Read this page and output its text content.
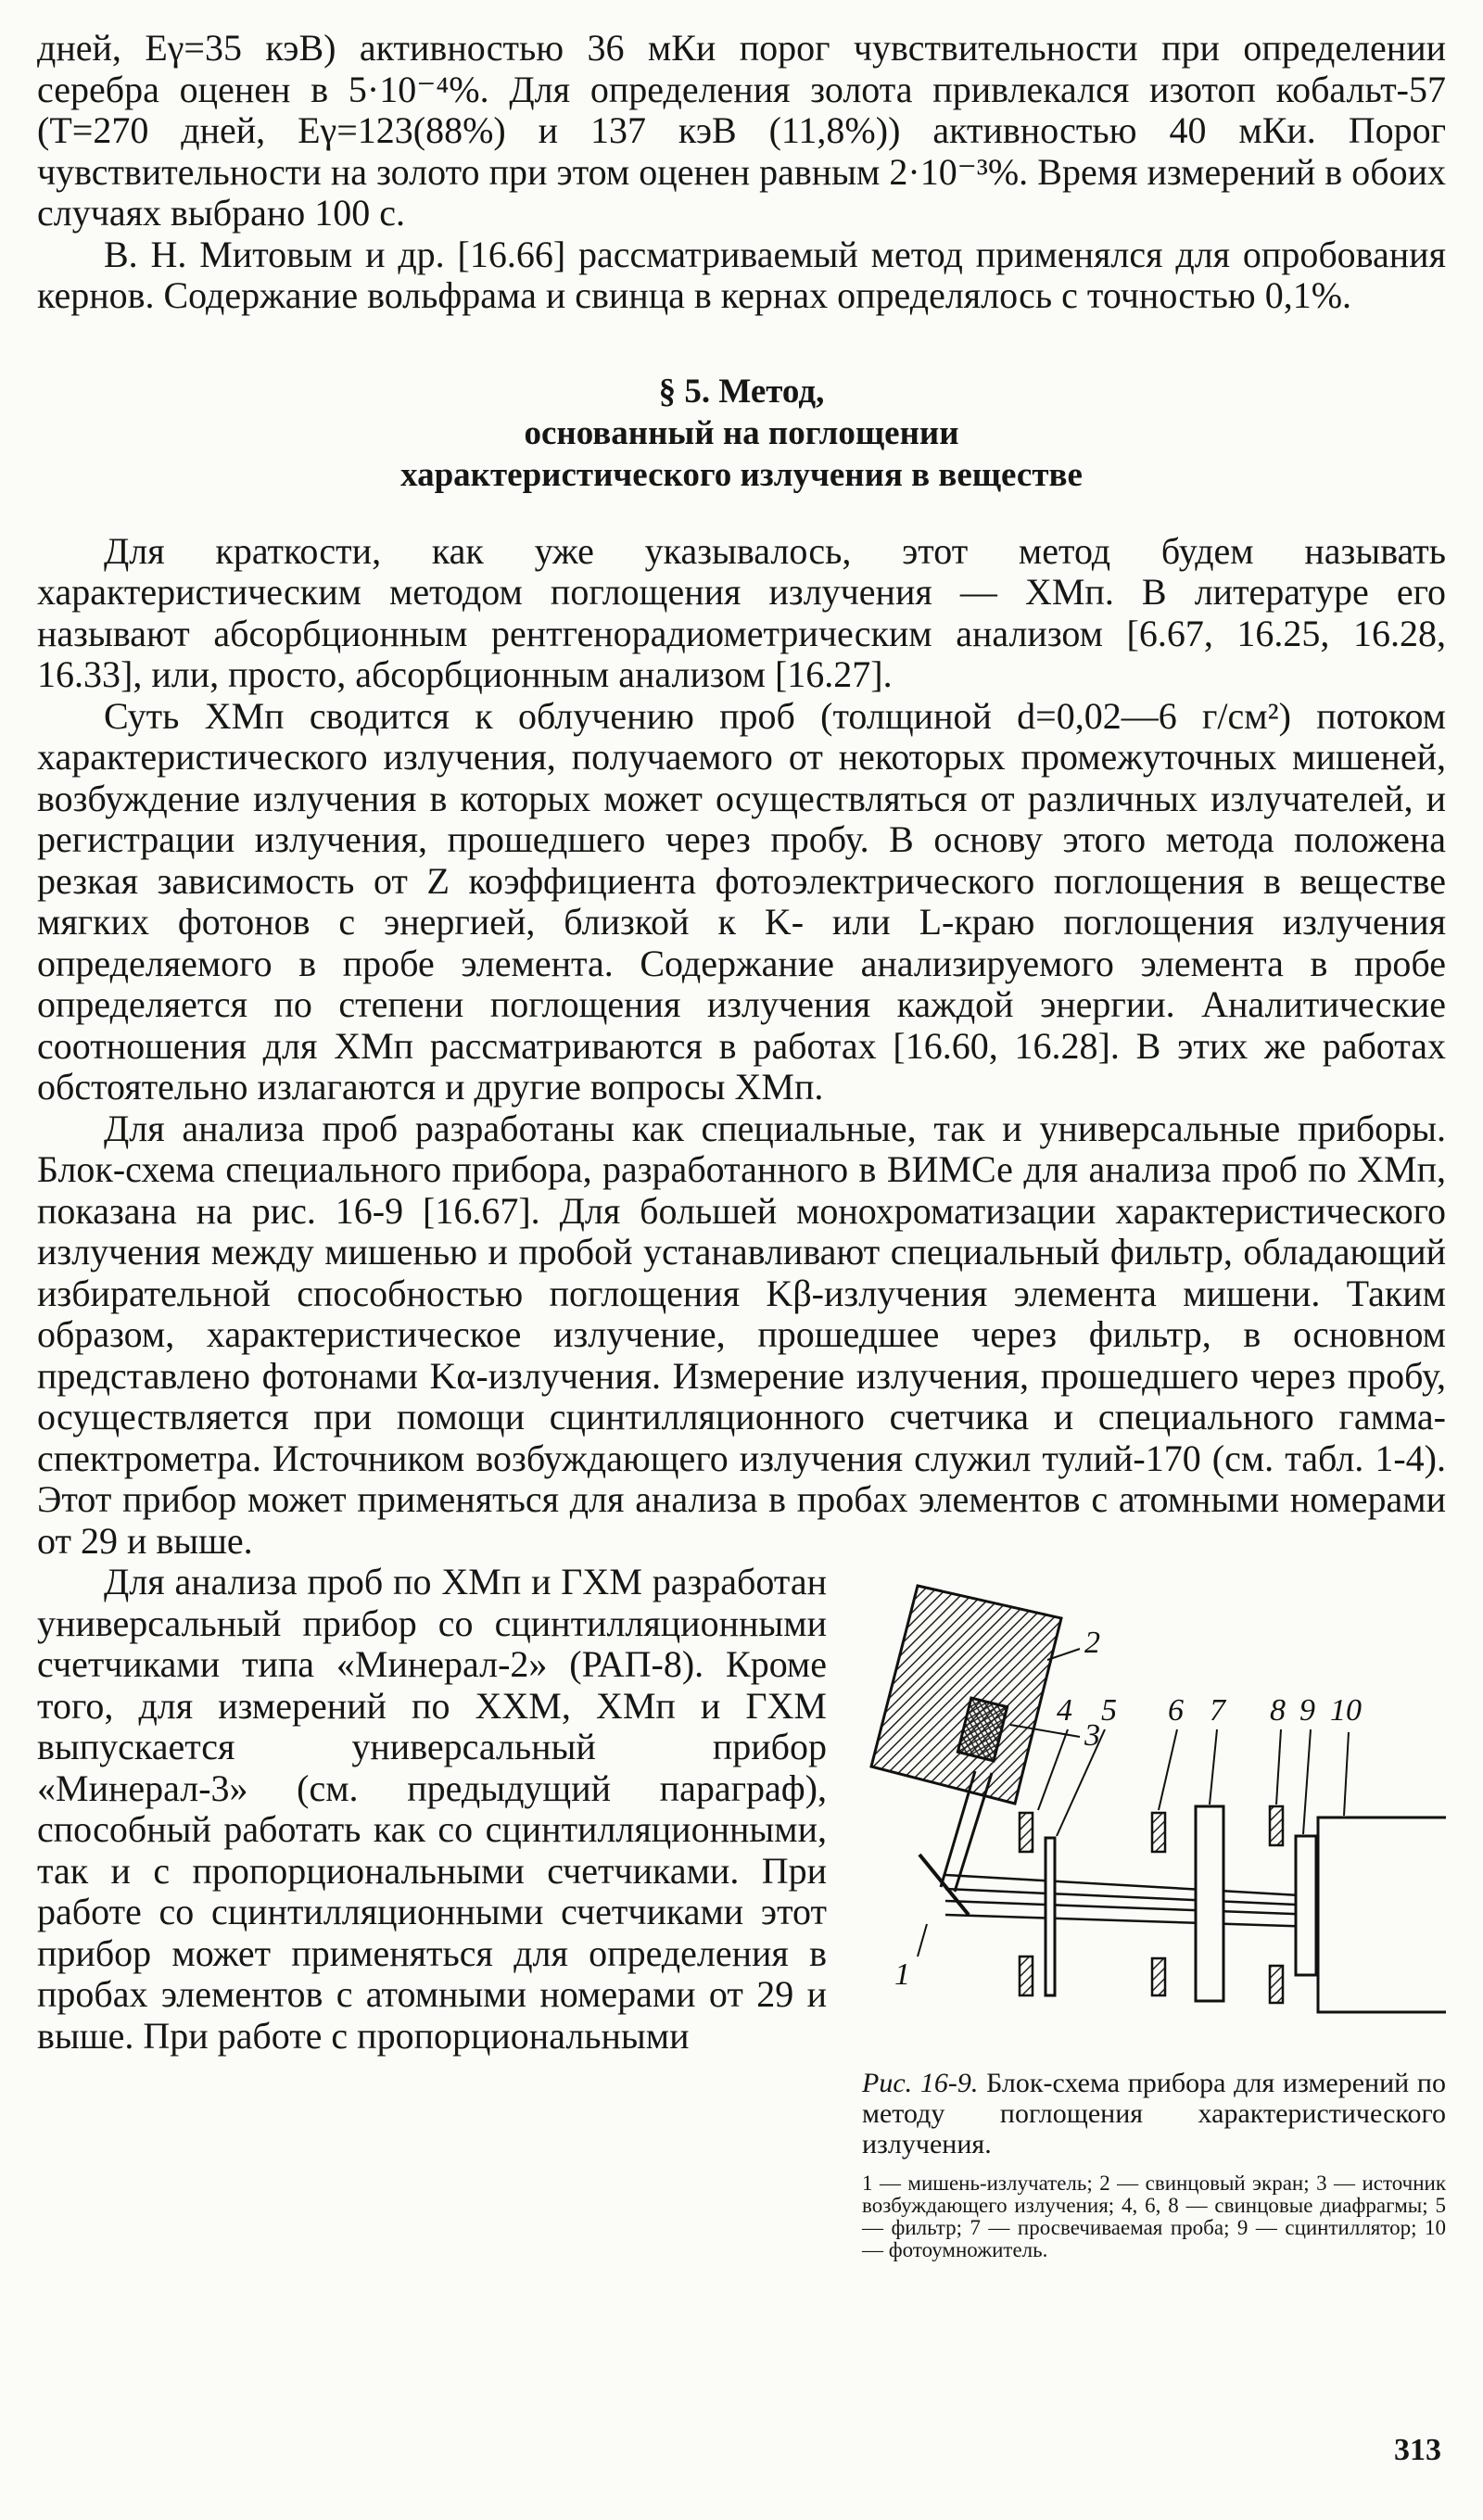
дней, Eγ=35 кэВ) активностью 36 мКи порог чувствительности при определении серебра оценен в 5·10⁻⁴%. Для определения золота привлекался изотоп кобальт-57 (T=270 дней, Eγ=123(88%) и 137 кэВ (11,8%)) активностью 40 мКи. Порог чувствительности на золото при этом оценен равным 2·10⁻³%. Время измерений в обоих случаях выбрано 100 с.

В. Н. Митовым и др. [16.66] рассматриваемый метод применялся для опробования кернов. Содержание вольфрама и свинца в кернах определялось с точностью 0,1%.

§ 5. Метод,
основанный на поглощении
характеристического излучения в веществе

Для краткости, как уже указывалось, этот метод будем называть характеристическим методом поглощения излучения — ХМп. В литературе его называют абсорбционным рентгенорадиометрическим анализом [6.67, 16.25, 16.28, 16.33], или, просто, абсорбционным анализом [16.27].

Суть ХМп сводится к облучению проб (толщиной d=0,02—6 г/см²) потоком характеристического излучения, получаемого от некоторых промежуточных мишеней, возбуждение излучения в которых может осуществляться от различных излучателей, и регистрации излучения, прошедшего через пробу. В основу этого метода положена резкая зависимость от Z коэффициента фотоэлектрического поглощения в веществе мягких фотонов с энергией, близкой к K- или L-краю поглощения излучения определяемого в пробе элемента. Содержание анализируемого элемента в пробе определяется по степени поглощения излучения каждой энергии. Аналитические соотношения для ХМп рассматриваются в работах [16.60, 16.28]. В этих же работах обстоятельно излагаются и другие вопросы ХМп.

Для анализа проб разработаны как специальные, так и универсальные приборы. Блок-схема специального прибора, разработанного в ВИМСе для анализа проб по ХМп, показана на рис. 16-9 [16.67]. Для большей монохроматизации характеристического излучения между мишенью и пробой устанавливают специальный фильтр, обладающий избирательной способностью поглощения Kβ-излучения элемента мишени. Таким образом, характеристическое излучение, прошедшее через фильтр, в основном представлено фотонами Kα-излучения. Измерение излучения, прошедшего через пробу, осуществляется при помощи сцинтилляционного счетчика и специального гамма-спектрометра. Источником возбуждающего излучения служил тулий-170 (см. табл. 1-4). Этот прибор может применяться для анализа в пробах элементов с атомными номерами от 29 и выше.

1
2
3
4 5 6 7 8 9 10
Рис. 16-9. Блок-схема прибора для измерений по методу поглощения характеристического излучения.
1 — мишень-излучатель; 2 — свинцовый экран; 3 — источник возбуждающего излучения; 4, 6, 8 — свинцовые диафрагмы; 5 — фильтр; 7 — просвечиваемая проба; 9 — сцинтиллятор; 10 — фотоумножитель.

Для анализа проб по ХМп и ГХМ разработан универсальный прибор со сцинтилляционными счетчиками типа «Минерал-2» (РАП-8). Кроме того, для измерений по ХХМ, ХМп и ГХМ выпускается универсальный прибор «Минерал-3» (см. предыдущий параграф), способный работать как со сцинтилляционными, так и с пропорциональными счетчиками. При работе со сцинтилляционными счетчиками этот прибор может применяться для определения в пробах элементов с атомными номерами от 29 и выше. При работе с пропорциональными

313
